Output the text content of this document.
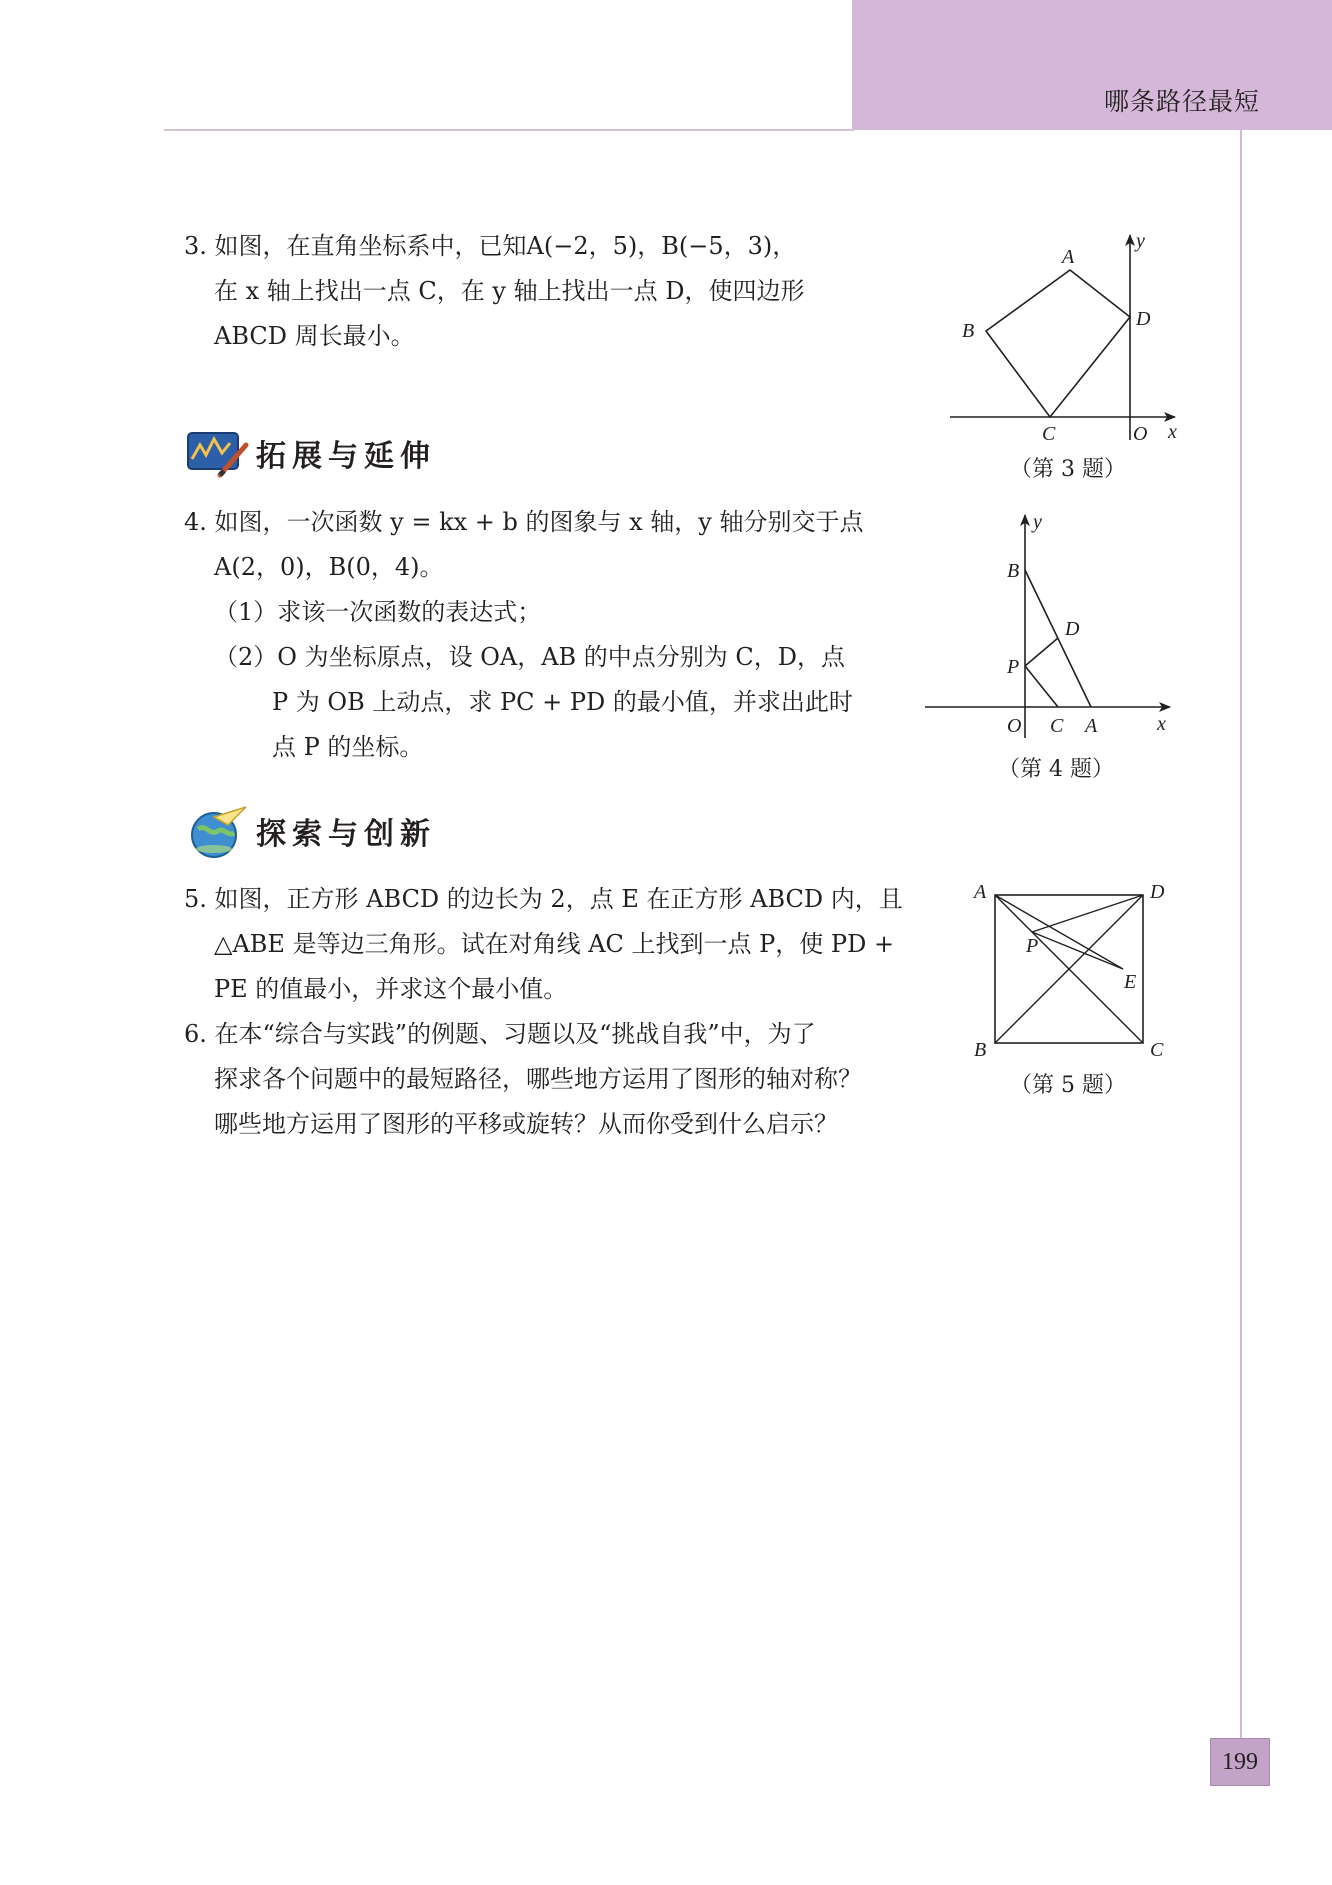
哪条路径最短
3. 如图，在直角坐标系中，已知A(−2，5)，B(−5，3)，
在 x 轴上找出一点 C，在 y 轴上找出一点 D，使四边形
ABCD 周长最小。
A
B
C
D
O x
y
（第 3 题）
拓展与延伸
4. 如图，一次函数 y = kx + b 的图象与 x 轴，y 轴分别交于点
A(2，0)，B(0，4)。
（1）求该一次函数的表达式；
（2）O 为坐标原点，设 OA，AB 的中点分别为 C，D，点
P 为 OB 上动点，求 PC + PD 的最小值，并求出此时
点 P 的坐标。
B
D
P
O C A	x
y
（第 4 题）
探索与创新
5. 如图，正方形 ABCD 的边长为 2，点 E 在正方形 ABCD 内，且
△ABE 是等边三角形。试在对角线 AC 上找到一点 P，使 PD +
PE 的值最小，并求这个最小值。
6. 在本“综合与实践”的例题、习题以及“挑战自我”中，为了
探求各个问题中的最短路径，哪些地方运用了图形的轴对称？
哪些地方运用了图形的平移或旋转？从而你受到什么启示？
A	D
P
E
B	C
（第 5 题）
199
